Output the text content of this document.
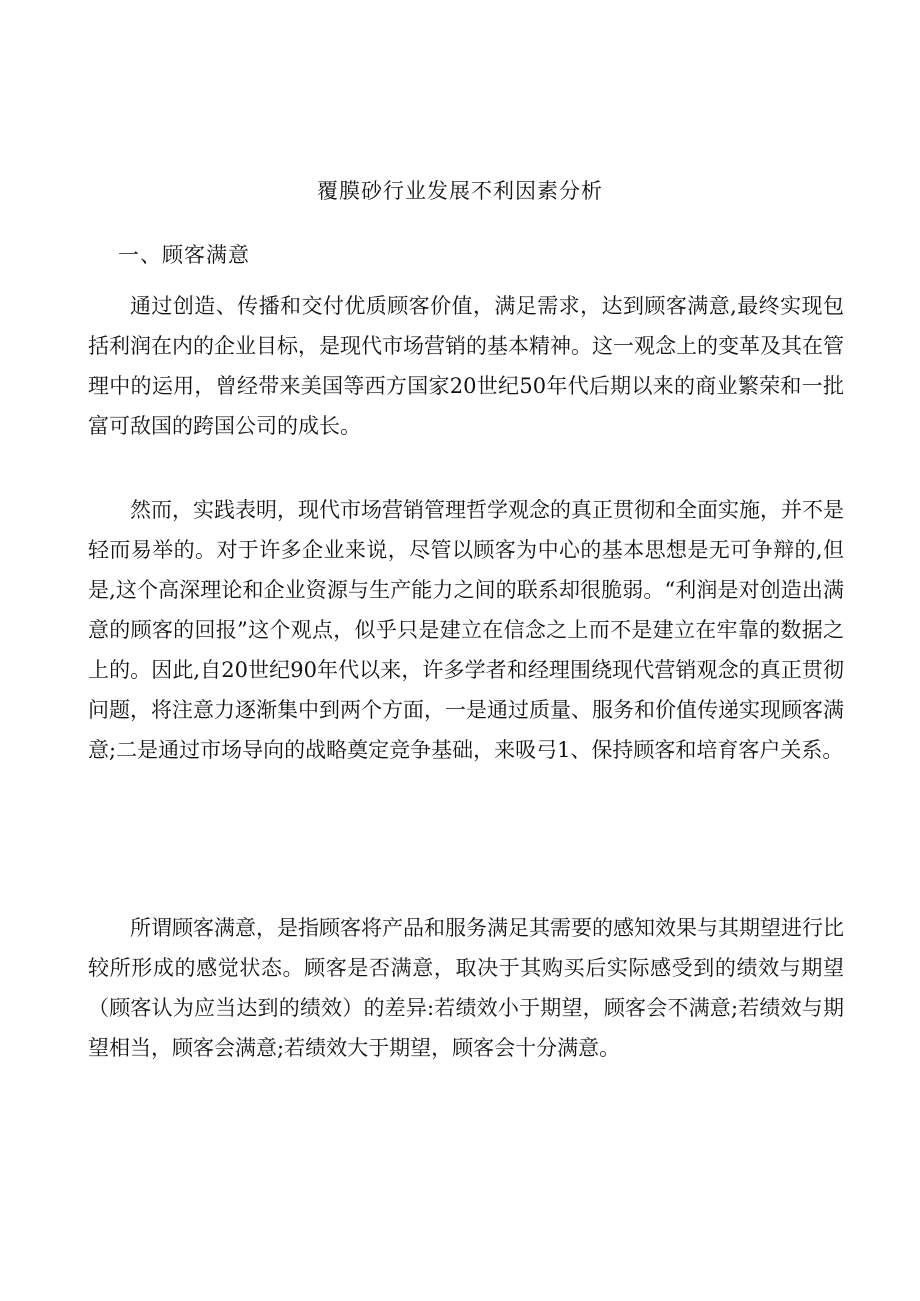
覆膜砂行业发展不利因素分析
一、顾客满意

通过创造、传播和交付优质顾客价值，满足需求，达到顾客满意,最终实现包括利润在内的企业目标，是现代市场营销的基本精神。这一观念上的变革及其在管理中的运用，曾经带来美国等西方国家20世纪50年代后期以来的商业繁荣和一批富可敌国的跨国公司的成长。

然而，实践表明，现代市场营销管理哲学观念的真正贯彻和全面实施，并不是轻而易举的。对于许多企业来说，尽管以顾客为中心的基本思想是无可争辩的,但是,这个高深理论和企业资源与生产能力之间的联系却很脆弱。“利润是对创造出满意的顾客的回报”这个观点，似乎只是建立在信念之上而不是建立在牢靠的数据之上的。因此,自20世纪90年代以来，许多学者和经理围绕现代营销观念的真正贯彻问题，将注意力逐渐集中到两个方面，一是通过质量、服务和价值传递实现顾客满意;二是通过市场导向的战略奠定竞争基础，来吸弓1、保持顾客和培育客户关系。

所谓顾客满意，是指顾客将产品和服务满足其需要的感知效果与其期望进行比较所形成的感觉状态。顾客是否满意，取决于其购买后实际感受到的绩效与期望（顾客认为应当达到的绩效）的差异:若绩效小于期望，顾客会不满意;若绩效与期望相当，顾客会满意;若绩效大于期望，顾客会十分满意。
